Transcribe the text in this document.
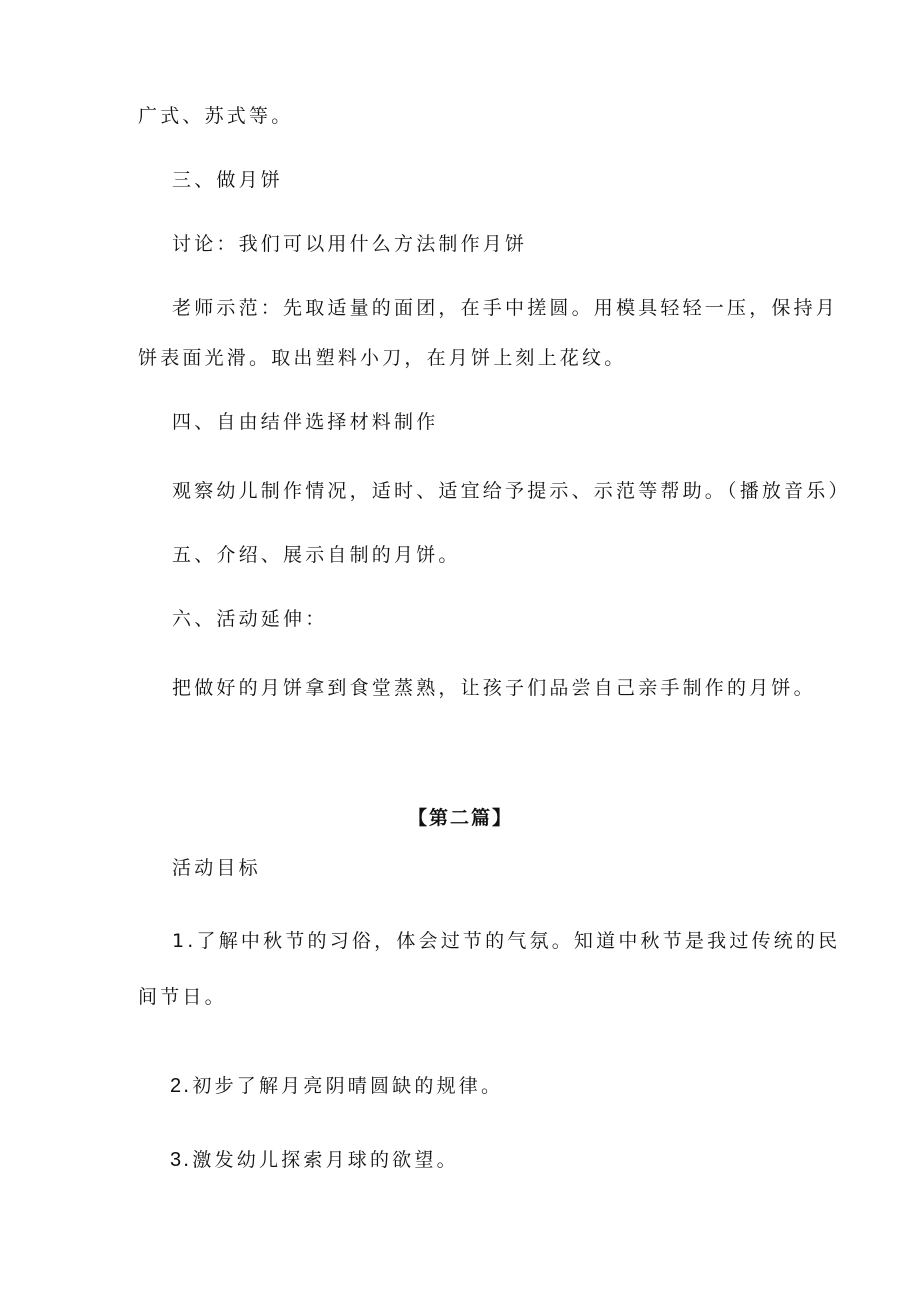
广式、苏式等。

三、做月饼

讨论：我们可以用什么方法制作月饼

老师示范：先取适量的面团，在手中搓圆。用模具轻轻一压，保持月

饼表面光滑。取出塑料小刀，在月饼上刻上花纹。

四、自由结伴选择材料制作

观察幼儿制作情况，适时、适宜给予提示、示范等帮助。（播放音乐）

五、介绍、展示自制的月饼。

六、活动延伸：

把做好的月饼拿到食堂蒸熟，让孩子们品尝自己亲手制作的月饼。

【第二篇】

活动目标

1.了解中秋节的习俗，体会过节的气氛。知道中秋节是我过传统的民

间节日。

2.初步了解月亮阴晴圆缺的规律。

3.激发幼儿探索月球的欲望。
